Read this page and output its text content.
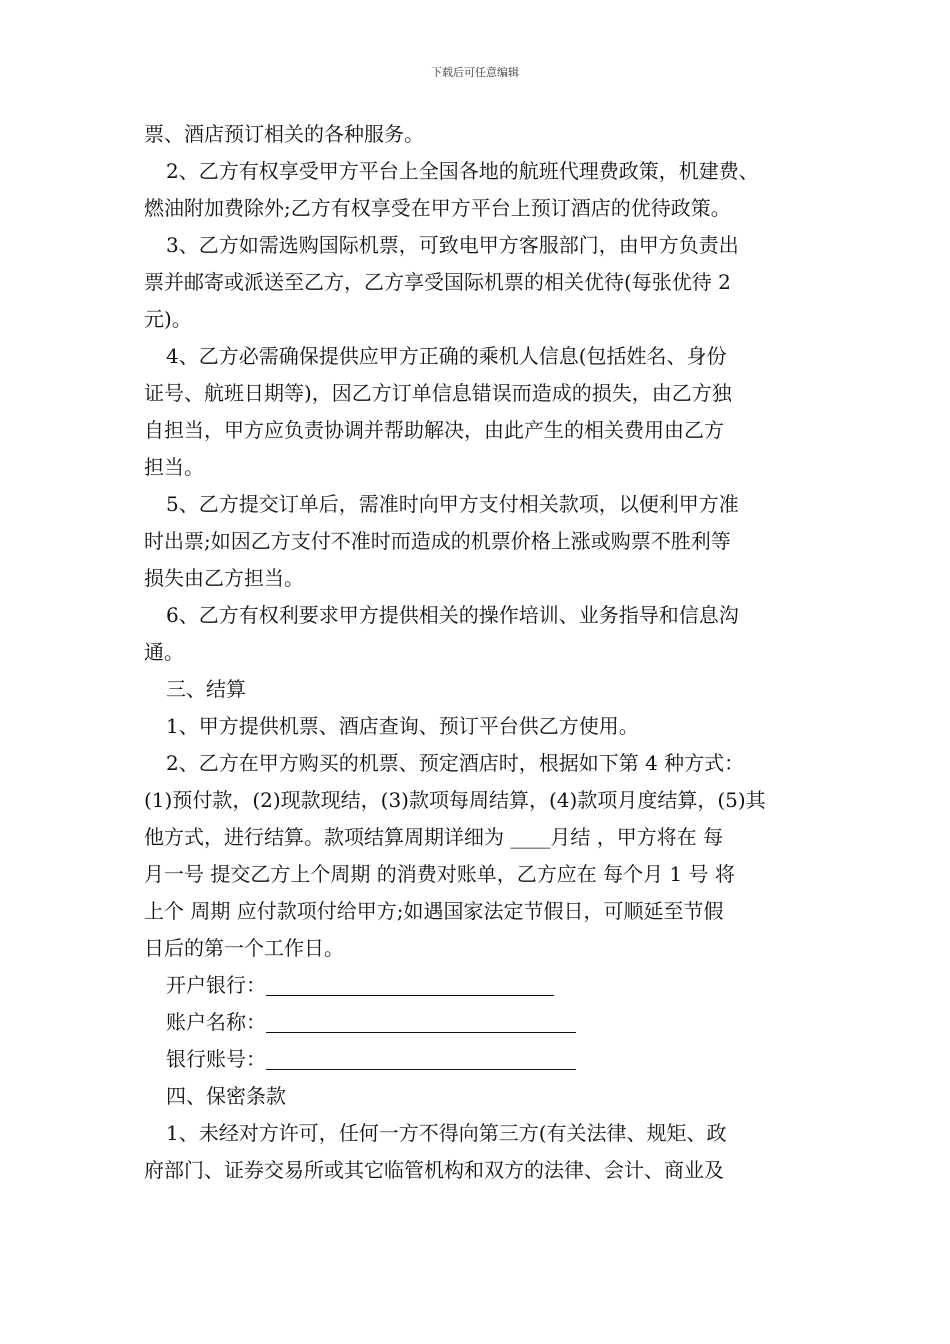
下载后可任意编辑
票、酒店预订相关的各种服务。
2、乙方有权享受甲方平台上全国各地的航班代理费政策，机建费、
燃油附加费除外;乙方有权享受在甲方平台上预订酒店的优待政策。
3、乙方如需选购国际机票，可致电甲方客服部门，由甲方负责出
票并邮寄或派送至乙方，乙方享受国际机票的相关优待(每张优待 2
元)。
4、乙方必需确保提供应甲方正确的乘机人信息(包括姓名、身份
证号、航班日期等)，因乙方订单信息错误而造成的损失，由乙方独
自担当，甲方应负责协调并帮助解决，由此产生的相关费用由乙方
担当。
5、乙方提交订单后，需准时向甲方支付相关款项，以便利甲方准
时出票;如因乙方支付不准时而造成的机票价格上涨或购票不胜利等
损失由乙方担当。
6、乙方有权利要求甲方提供相关的操作培训、业务指导和信息沟
通。
三、结算
1、甲方提供机票、酒店查询、预订平台供乙方使用。
2、乙方在甲方购买的机票、预定酒店时，根据如下第 4 种方式：
(1)预付款，(2)现款现结，(3)款项每周结算，(4)款项月度结算，(5)其
他方式，进行结算。款项结算周期详细为 ____月结 ，甲方将在 每
月一号 提交乙方上个周期 的消费对账单，乙方应在 每个月 1 号 将
上个 周期 应付款项付给甲方;如遇国家法定节假日，可顺延至节假
日后的第一个工作日。
开户银行：
账户名称：
银行账号：
四、保密条款
1、未经对方许可，任何一方不得向第三方(有关法律、规矩、政
府部门、证券交易所或其它临管机构和双方的法律、会计、商业及
